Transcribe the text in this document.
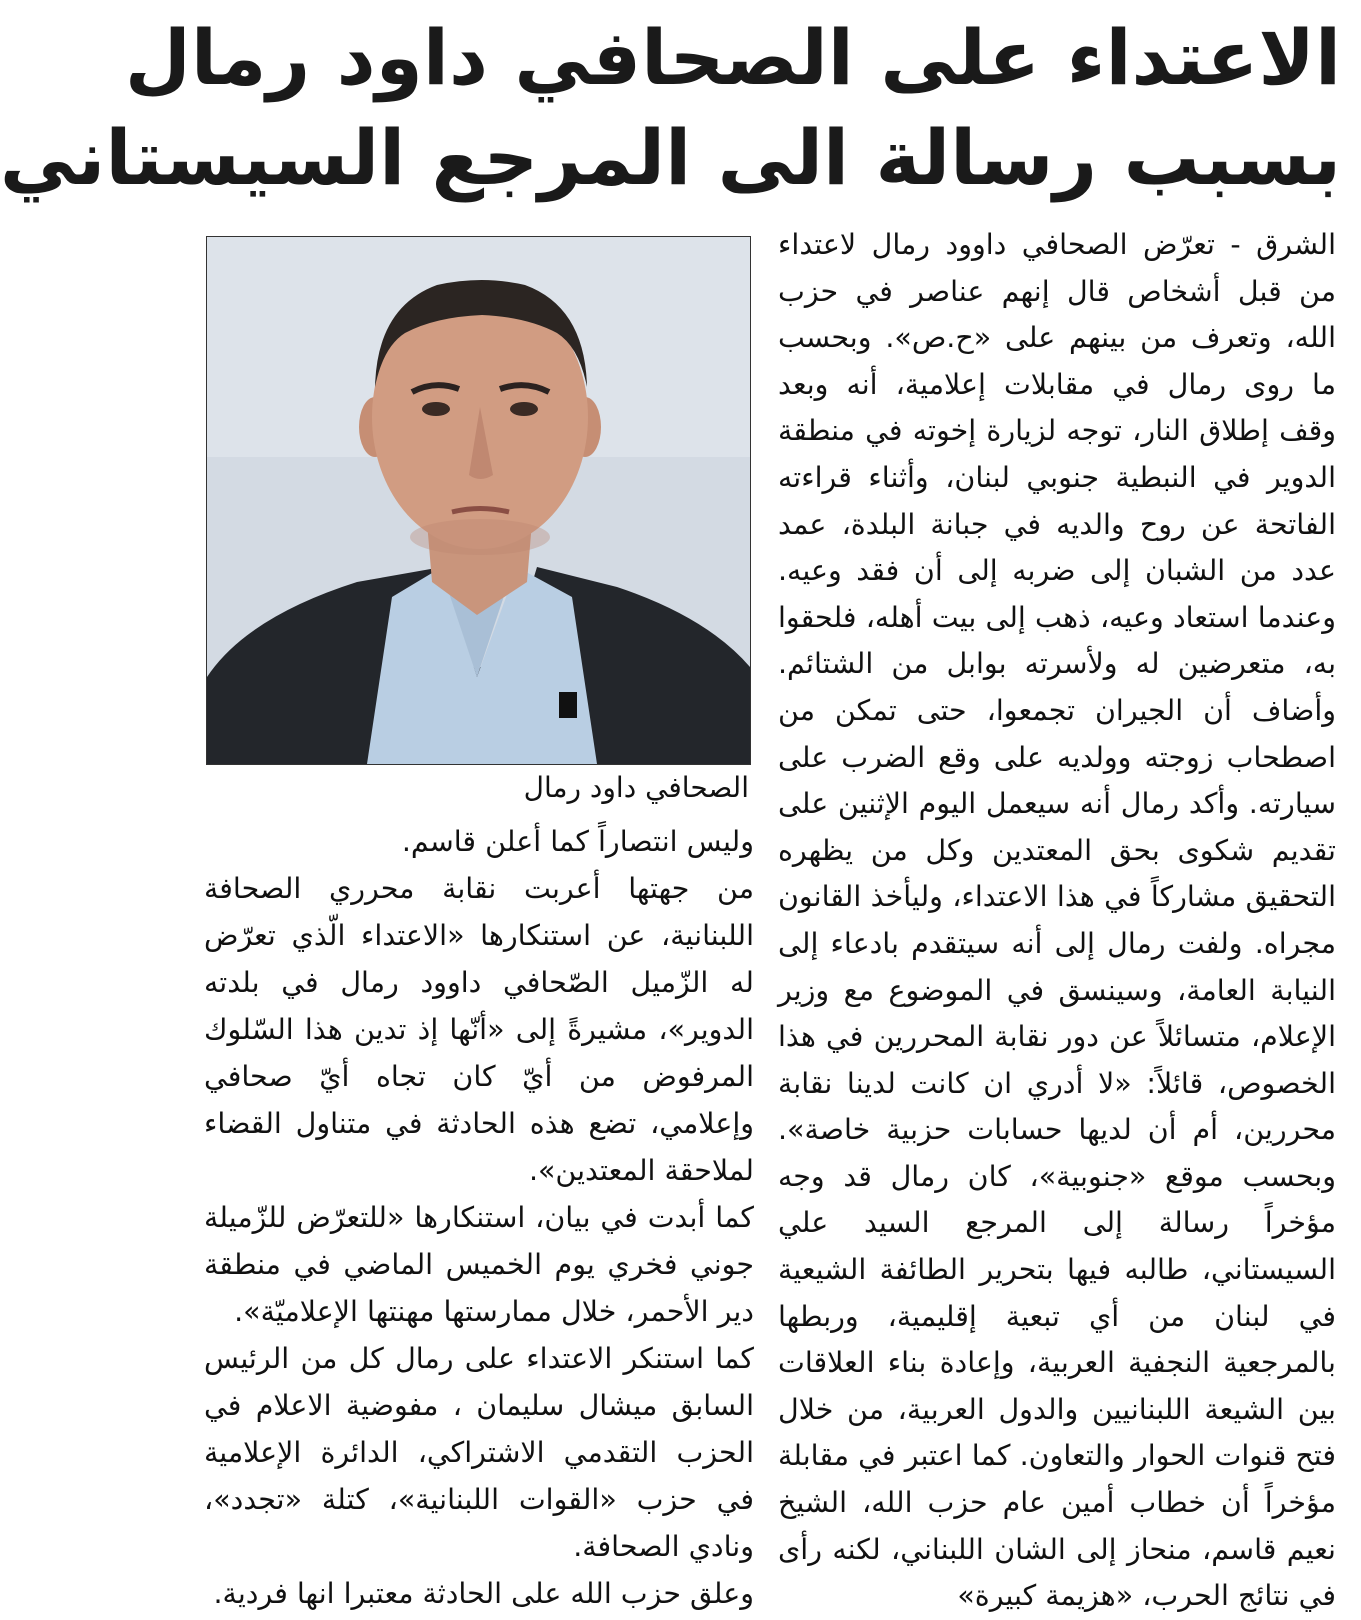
الاعتداء على الصحافي داود رمال
بسبب رسالة الى المرجع السيستاني

الشرق - تعرّض الصحافي داوود رمال لاعتداء من قبل أشخاص قال إنهم عناصر في حزب الله، وتعرف من بينهم على «ح.ص». وبحسب ما روى رمال في مقابلات إعلامية، أنه وبعد وقف إطلاق النار، توجه لزيارة إخوته في منطقة الدوير في النبطية جنوبي لبنان، وأثناء قراءته الفاتحة عن روح والديه في جبانة البلدة، عمد عدد من الشبان إلى ضربه إلى أن فقد وعيه. وعندما استعاد وعيه، ذهب إلى بيت أهله، فلحقوا به، متعرضين له ولأسرته بوابل من الشتائم. وأضاف أن الجيران تجمعوا، حتى تمكن من اصطحاب زوجته وولديه على وقع الضرب على سيارته. وأكد رمال أنه سيعمل اليوم الإثنين على تقديم شكوى بحق المعتدين وكل من يظهره التحقيق مشاركاً في هذا الاعتداء، وليأخذ القانون مجراه. ولفت رمال إلى أنه سيتقدم بادعاء إلى النيابة العامة، وسينسق في الموضوع مع وزير الإعلام، متسائلاً عن دور نقابة المحررين في هذا الخصوص، قائلاً: «لا أدري ان كانت لدينا نقابة محررين، أم أن لديها حسابات حزبية خاصة». وبحسب موقع «جنوبية»، كان رمال قد وجه مؤخراً رسالة إلى المرجع السيد علي السيستاني، طالبه فيها بتحرير الطائفة الشيعية في لبنان من أي تبعية إقليمية، وربطها بالمرجعية النجفية العربية، وإعادة بناء العلاقات بين الشيعة اللبنانيين والدول العربية، من خلال فتح قنوات الحوار والتعاون. كما اعتبر في مقابلة مؤخراً أن خطاب أمين عام حزب الله، الشيخ نعيم قاسم، منحاز إلى الشان اللبناني، لكنه رأى في نتائج الحرب، «هزيمة كبيرة»

الصحافي داود رمال

وليس انتصاراً كما أعلن قاسم.

من جهتها أعربت نقابة محرري الصحافة اللبنانية، عن استنكارها «الاعتداء الّذي تعرّض له الزّميل الصّحافي داوود رمال في بلدته الدوير»، مشيرةً إلى «أنّها إذ تدين هذا السّلوك المرفوض من أيّ كان تجاه أيّ صحافي وإعلامي، تضع هذه الحادثة في متناول القضاء لملاحقة المعتدين».

كما أبدت في بيان، استنكارها «للتعرّض للزّميلة جوني فخري يوم الخميس الماضي في منطقة دير الأحمر، خلال ممارستها مهنتها الإعلاميّة».

كما استنكر الاعتداء على رمال كل من الرئيس السابق ميشال سليمان ، مفوضية الاعلام في الحزب التقدمي الاشتراكي، الدائرة الإعلامية في حزب «القوات اللبنانية»، كتلة «تجدد»، ونادي الصحافة.

وعلق حزب الله على الحادثة معتبرا انها فردية.
